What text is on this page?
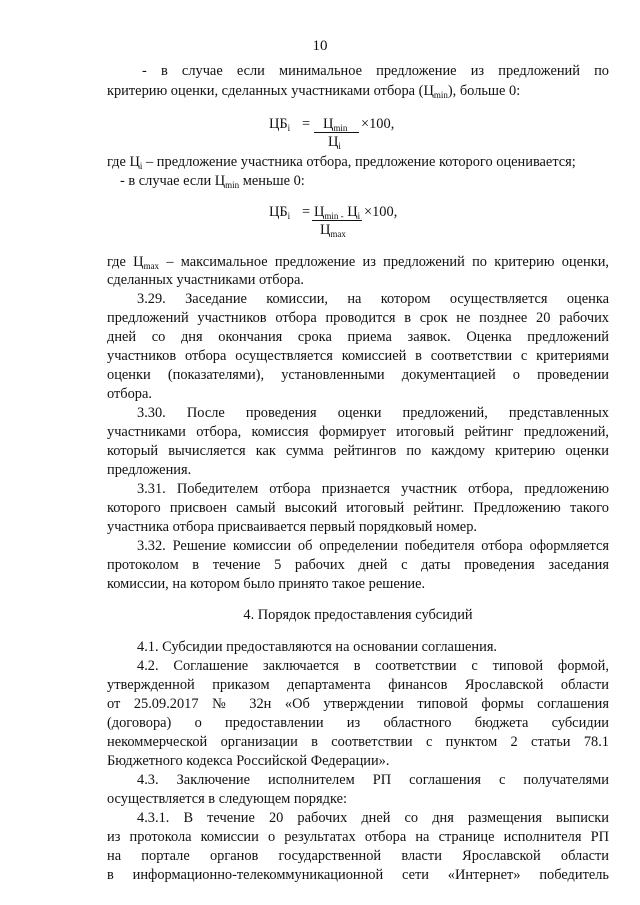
10
- в случае если минимальное предложение из предложений по
критерию оценки, сделанных участниками отбора $(Ц_{min})$, больше 0:
$ЦБ_i = Ц_{min} \times 100$,
$Ц_i$
где $Ц_i$ – предложение участника отбора, предложение которого оценивается;
- в случае если $Ц_{min}$ меньше 0:
$ЦБ_i = Ц_{min -}$ $Ц_i \times 100$,
$Ц_{max}$
где $Ц_{max}$ – максимальное предложение из предложений по критерию оценки,
сделанных участниками отбора.
3.29. Заседание комиссии, на котором осуществляется оценка
предложений участников отбора проводится в срок не позднее 20 рабочих
дней со дня окончания срока приема заявок. Оценка предложений
участников отбора осуществляется комиссией в соответствии с критериями
оценки (показателями), установленными документацией о проведении
отбора.
3.30. После проведения оценки предложений, представленных
участниками отбора, комиссия формирует итоговый рейтинг предложений,
который вычисляется как сумма рейтингов по каждому критерию оценки
предложения.
3.31. Победителем отбора признается участник отбора, предложению
которого присвоен самый высокий итоговый рейтинг. Предложению такого
участника отбора присваивается первый порядковый номер.
3.32. Решение комиссии об определении победителя отбора оформляется
протоколом в течение 5 рабочих дней с даты проведения заседания
комиссии, на котором было принято такое решение.
4. Порядок предоставления субсидий
4.1. Субсидии предоставляются на основании соглашения.
4.2. Соглашение заключается в соответствии с типовой формой,
утвержденной приказом департамента финансов Ярославской области
от 25.09.2017 № 32н «Об утверждении типовой формы соглашения
(договора) о предоставлении из областного бюджета субсидии
некоммерческой организации в соответствии с пунктом 2 статьи 78.1
Бюджетного кодекса Российской Федерации».
4.3. Заключение исполнителем РП соглашения с получателями
осуществляется в следующем порядке:
4.3.1. В течение 20 рабочих дней со дня размещения выписки
из протокола комиссии о результатах отбора на странице исполнителя РП
на портале органов государственной власти Ярославской области
в информационно-телекоммуникационной сети «Интернет» победитель
